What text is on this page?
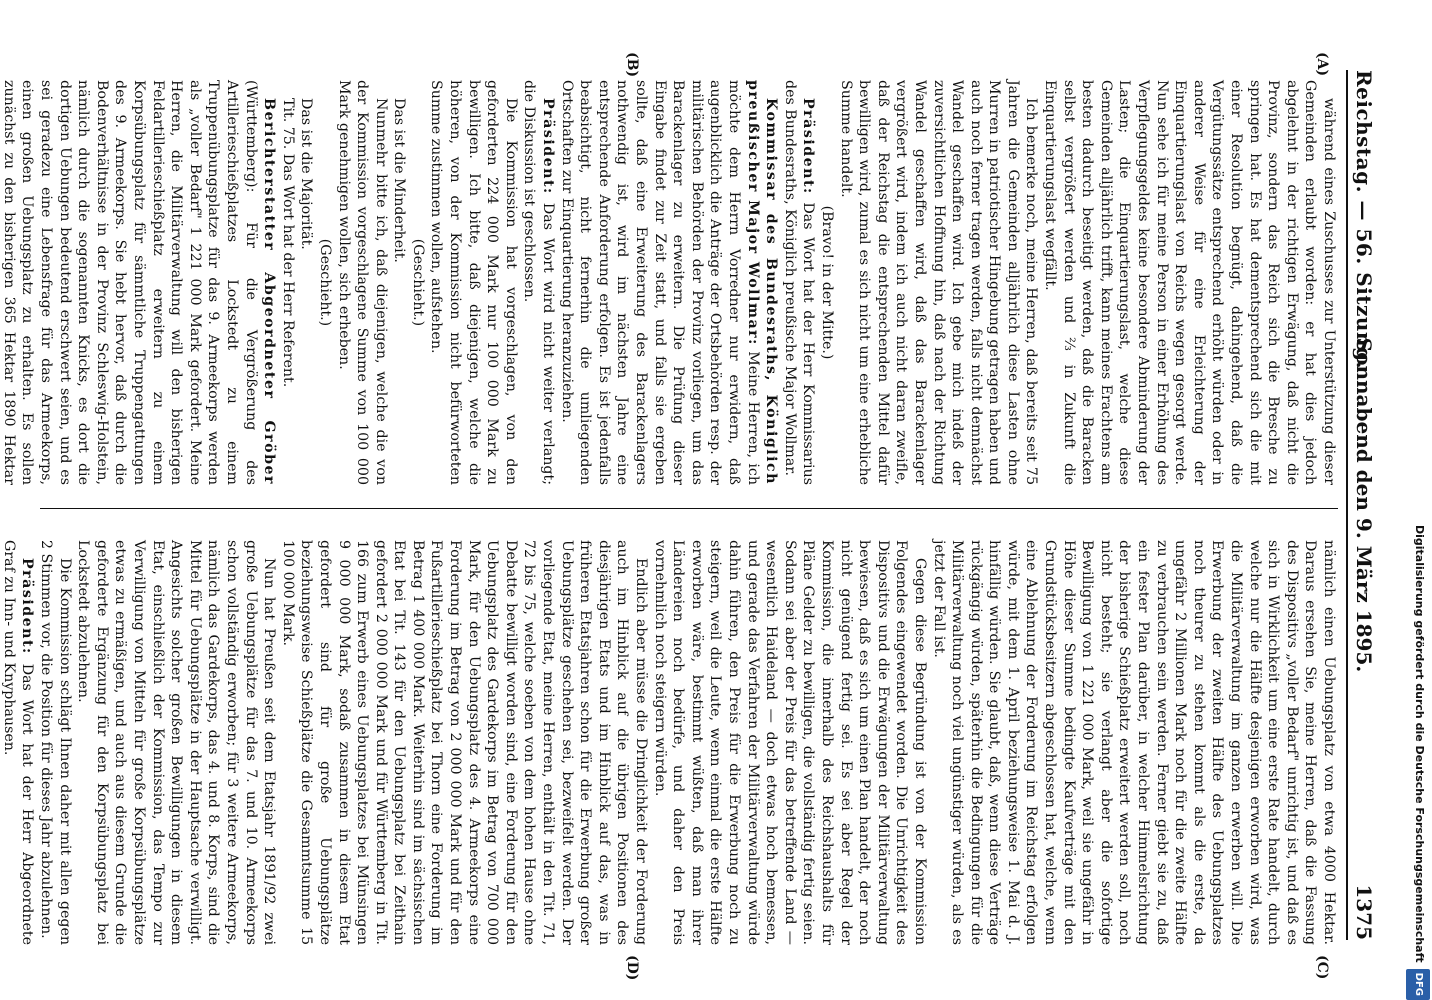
Reichstag. — 56. Sitzung.
Sonnabend den 9. März 1895.
1375
(A)
(B)
(C)
(D)
während eines Zuschusses zur Unterstützung dieser Gemeinden erlaubt worden: er hat dies jedoch abgelehnt in der richtigen Erwägung, daß nicht die Provinz, sondern das Reich sich die Bresche zu springen hat. Es hat dementsprechend sich die mit einer Resolution begnügt, dahingehend, daß die Vergütungssätze entsprechend erhöht würden oder in anderer Weise für eine Erleichterung der Einquartierungslast von Reichs wegen gesorgt werde. Nun sehe ich für meine Person in einer Erhöhung des Verpflegungsgeldes keine besondere Abminderung der Lasten; die Einquartierungslast, welche diese Gemeinden alljährlich trifft, kann meines Erachtens am besten dadurch beseitigt werden, daß die Baracken selbst vergrößert werden und ⅔ in Zukunft die Einquartierungslast wegfällt.
Ich bemerke noch, meine Herren, daß bereits seit 75 Jahren die Gemeinden alljährlich diese Lasten ohne Murren in patriotischer Hingebung getragen haben und auch noch ferner tragen werden, falls nicht demnächst Wandel geschaffen wird. Ich gebe mich indeß der zuversichtlichen Hoffnung hin, daß nach der Richtung Wandel geschaffen wird, daß das Barackenlager vergrößert wird, indem ich auch nicht daran zweifle, daß der Reichstag die entsprechenden Mittel dafür bewilligen wird, zumal es sich nicht um eine erhebliche Summe handelt.
(Bravo! in der Mitte.)
Präsident: Das Wort hat der Herr Kommissarius des Bundesraths, Königlich preußische Major Wollmar.
Kommissar des Bundesraths, Königlich preußischer Major Wollmar: Meine Herren, ich möchte dem Herrn Vorredner nur erwidern, daß augenblicklich die Anträge der Ortsbehörden resp. der militärischen Behörden der Provinz vorliegen, um das Barackenlager zu erweitern. Die Prüfung dieser Eingabe findet zur Zeit statt, und falls sie ergeben sollte, daß eine Erweiterung des Barackenlagers nothwendig ist, wird im nächsten Jahre eine entsprechende Anforderung erfolgen. Es ist jedenfalls beabsichtigt, nicht fernerhin die umliegenden Ortschaften zur Einquartierung heranzuziehen.
Präsident: Das Wort wird nicht weiter verlangt; die Diskussion ist geschlossen.
Die Kommission hat vorgeschlagen, von den geforderten 224 000 Mark nur 100 000 Mark zu bewilligen. Ich bitte, daß diejenigen, welche die höheren, von der Kommission nicht befürworteten Summe zustimmen wollen, aufstehen.
(Geschieht.)
Das ist die Minderheit.
Nunmehr bitte ich, daß diejenigen, welche die von der Kommission vorgeschlagene Summe von 100 000 Mark genehmigen wollen, sich erheben.
(Geschieht.)
Das ist die Majorität.
Tit. 75. Das Wort hat der Herr Referent.
Berichterstatter Abgeordneter Gröber (Württemberg): Für die Vergrößerung des Artillerieschießplatzes Lockstedt zu einem Truppenübungsplatze für das 9. Armeekorps werden als „voller Bedarf" 1 221 000 Mark gefordert. Meine Herren, die Militärverwaltung will den bisherigen Feldartillerieschießplatz erweitern zu einem Korpsübungsplatz für sämmtliche Truppengattungen des 9. Armeekorps. Sie hebt hervor, daß durch die Bodenverhältnisse in der Provinz Schleswig-Holstein, nämlich durch die sogenannten Knicks, es dort die dortigen Uebungen bedeutend erschwert seien, und es sei geradezu eine Lebensfrage für das Armeekorps, einen großen Uebungsplatz zu erhalten. Es sollen zunächst zu den bisherigen 365 Hektar 1890 Hektar
nämlich einen Uebungsplatz von etwa 4000 Hektar. Daraus ersehen Sie, meine Herren, daß die Fassung des Dispositivs „voller Bedarf" unrichtig ist, und daß es sich in Wirklichkeit um eine erste Rate handelt, durch welche nur die Hälfte desjenigen erworben wird, was die Militärverwaltung im ganzen erwerben will. Die Erwerbung der zweiten Hälfte des Uebungsplatzes noch theurer zu stehen kommt als die erste, da ungefähr 2 Millionen Mark noch für die zweite Hälfte zu verbrauchen sein werden. Ferner giebt sie zu, daß ein fester Plan darüber, in welcher Himmelsrichtung der bisherige Schießplatz erweitert werden soll, noch nicht besteht; sie verlangt aber die sofortige Bewilligung von 1 221 000 Mark, weil sie ungefähr in Höhe dieser Summe bedingte Kaufverträge mit den Grundstücksbesitzern abgeschlossen hat, welche, wenn eine Ablehnung der Forderung im Reichstag erfolgen würde, mit dem 1. April beziehungsweise 1. Mai d. J. hinfällig würden. Sie glaubt, daß, wenn diese Verträge rückgängig würden, späterhin die Bedingungen für die Militärverwaltung noch viel ungünstiger würden, als es jetzt der Fall ist.
Gegen diese Begründung ist von der Kommission Folgendes eingewendet worden. Die Unrichtigkeit des Dispositivs und die Erwägungen der Militärverwaltung bewiesen, daß es sich um einen Plan handelt, der noch nicht genügend fertig sei. Es sei aber Regel der Kommission, die innerhalb des Reichshaushalts für Pläne Gelder zu bewilligen, die vollständig fertig seien. Sodann sei aber der Preis für das betreffende Land — wesentlich Haideland — doch etwas hoch bemessen, und gerade das Verfahren der Militärverwaltung würde dahin führen, den Preis für die Erwerbung noch zu steigern, weil die Leute, wenn einmal die erste Hälfte erworben wäre, bestimmt wüßten, daß man ihrer Ländereien noch bedürfe, und daher den Preis vornehmlich noch steigern würden.
Endlich aber müsse die Dringlichkeit der Forderung auch im Hinblick auf die übrigen Positionen des diesjährigen Etats und im Hinblick auf das, was in früheren Etatsjahren schon für die Erwerbung großer Uebungsplätze geschehen sei, bezweifelt werden. Der vorliegende Etat, meine Herren, enthält in den Tit. 71, 72 bis 75, welche soeben von dem hohen Hause ohne Debatte bewilligt worden sind, eine Forderung für den Uebungsplatz des Gardekorps im Betrag von 700 000 Mark, für den Uebungsplatz des 4. Armeekorps eine Forderung im Betrag von 2 000 000 Mark und für den Fußartillerieschießplatz bei Thorn eine Forderung im Betrag 1 400 000 Mark. Weiterhin sind im sächsischen Etat bei Tit. 143 für den Uebungsplatz bei Zeithain gefordert 2 000 000 Mark und für Württemberg in Tit. 166 zum Erwerb eines Uebungsplatzes bei Münsingen 9 000 000 Mark, sodaß zusammen in diesem Etat gefordert sind für große Uebungsplätze beziehungsweise Schießplätze die Gesammtsumme 15 100 000 Mark.
Nun hat Preußen seit dem Etatsjahr 1891/92 zwei große Uebungsplätze für das 7. und 10. Armeekorps schon vollständig erworben; für 3 weitere Armeekorps, nämlich das Gardekorps, das 4. und 8. Korps, sind die Mittel für Uebungsplätze in der Hauptsache verwilligt. Angesichts solcher großen Bewilligungen in diesem Etat, einschließlich der Kommission, das Tempo zur Verwilligung von Mitteln für große Korpsübungsplätze etwas zu ermäßigen, und auch aus diesem Grunde die geforderte Ergänzung für den Korpsübungsplatz bei Lockstedt abzulehnen.
Die Kommission schlägt Ihnen daher mit allen gegen 2 Stimmen vor, die Position für dieses Jahr abzulehnen.
Präsident: Das Wort hat der Herr Abgeordnete Graf zu Inn- und Knyphausen.	Digitalisierung gefördert durch die Deutsche ForschungsgemeinschaftDFG
